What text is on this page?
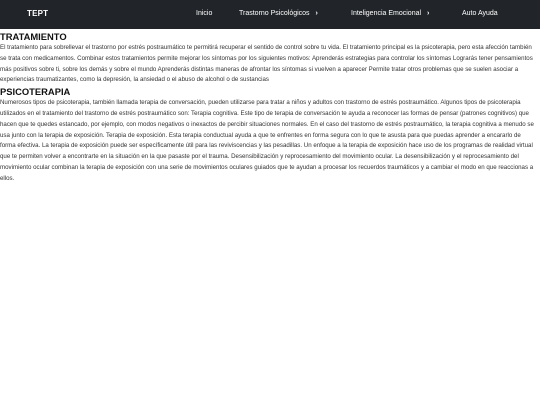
TEPT	Inicio	Trastorno Psicológicos ›	Inteligencia Emocional ›	Auto Ayuda
TRATAMIENTO

El tratamiento para sobrellevar el trastorno por estrés postraumático te permitirá recuperar el sentido de control sobre tu vida. El tratamiento principal es la psicoterapia, pero esta afección también se trata con medicamentos. Combinar estos tratamientos permite mejorar los síntomas por los siguientes motivos: Aprenderás estrategias para controlar los síntomas Lograrás tener pensamientos más positivos sobre ti, sobre los demás y sobre el mundo Aprenderás distintas maneras de afrontar los síntomas si vuelven a aparecer Permite tratar otros problemas que se suelen asociar a experiencias traumatizantes, como la depresión, la ansiedad o el abuso de alcohol o de sustancias

PSICOTERAPIA

Numerosos tipos de psicoterapia, también llamada terapia de conversación, pueden utilizarse para tratar a niños y adultos con trastorno de estrés postraumático. Algunos tipos de psicoterapia utilizados en el tratamiento del trastorno de estrés postraumático son: Terapia cognitiva. Este tipo de terapia de conversación te ayuda a reconocer las formas de pensar (patrones cognitivos) que hacen que te quedes estancado, por ejemplo, con modos negativos o inexactos de percibir situaciones normales. En el caso del trastorno de estrés postraumático, la terapia cognitiva a menudo se usa junto con la terapia de exposición. Terapia de exposición. Esta terapia conductual ayuda a que te enfrentes en forma segura con lo que te asusta para que puedas aprender a encararlo de forma efectiva. La terapia de exposición puede ser específicamente útil para las reviviscencias y las pesadillas. Un enfoque a la terapia de exposición hace uso de los programas de realidad virtual que te permiten volver a encontrarte en la situación en la que pasaste por el trauma. Desensibilización y reprocesamiento del movimiento ocular. La desensibilización y el reprocesamiento del movimiento ocular combinan la terapia de exposición con una serie de movimientos oculares guiados que te ayudan a procesar los recuerdos traumáticos y a cambiar el modo en que reaccionas a ellos.
